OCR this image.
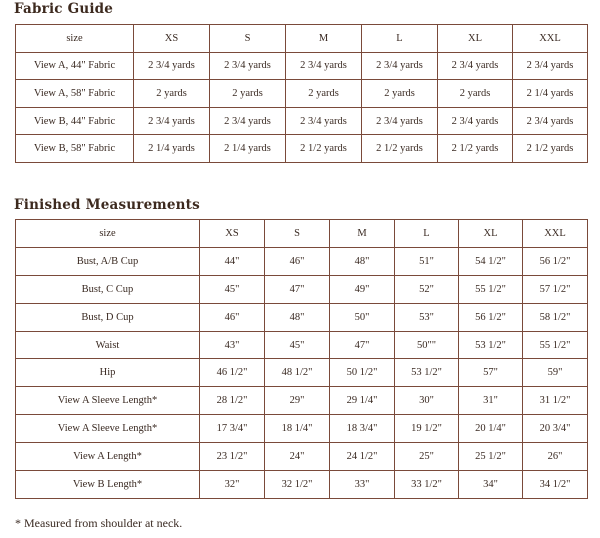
Fabric Guide
size	XS	S	M	L	XL	XXL
View A, 44" Fabric	2 3/4 yards	2 3/4 yards	2 3/4 yards	2 3/4 yards	2 3/4 yards	2 3/4 yards
View A, 58" Fabric	2 yards	2 yards	2 yards	2 yards	2 yards	2 1/4 yards
View B, 44" Fabric	2 3/4 yards	2 3/4 yards	2 3/4 yards	2 3/4 yards	2 3/4 yards	2 3/4 yards
View B, 58" Fabric	2 1/4 yards	2 1/4 yards	2 1/2 yards	2 1/2 yards	2 1/2 yards	2 1/2 yards
Finished Measurements
size	XS	S	M	L	XL	XXL
Bust, A/B Cup	44"	46"	48"	51"	54 1/2"	56 1/2"
Bust, C Cup	45"	47"	49"	52"	55 1/2"	57 1/2"
Bust, D Cup	46"	48"	50"	53"	56 1/2"	58 1/2"
Waist	43"	45"	47"	50""	53 1/2"	55 1/2"
Hip	46 1/2"	48 1/2"	50 1/2"	53 1/2"	57"	59"
View A Sleeve Length*	28 1/2"	29"	29 1/4"	30"	31"	31 1/2"
View A Sleeve Length*	17 3/4"	18 1/4"	18 3/4"	19 1/2"	20 1/4"	20 3/4"
View A Length*	23 1/2"	24"	24 1/2"	25"	25 1/2"	26"
View B Length*	32"	32 1/2"	33"	33 1/2"	34"	34 1/2"
* Measured from shoulder at neck.
